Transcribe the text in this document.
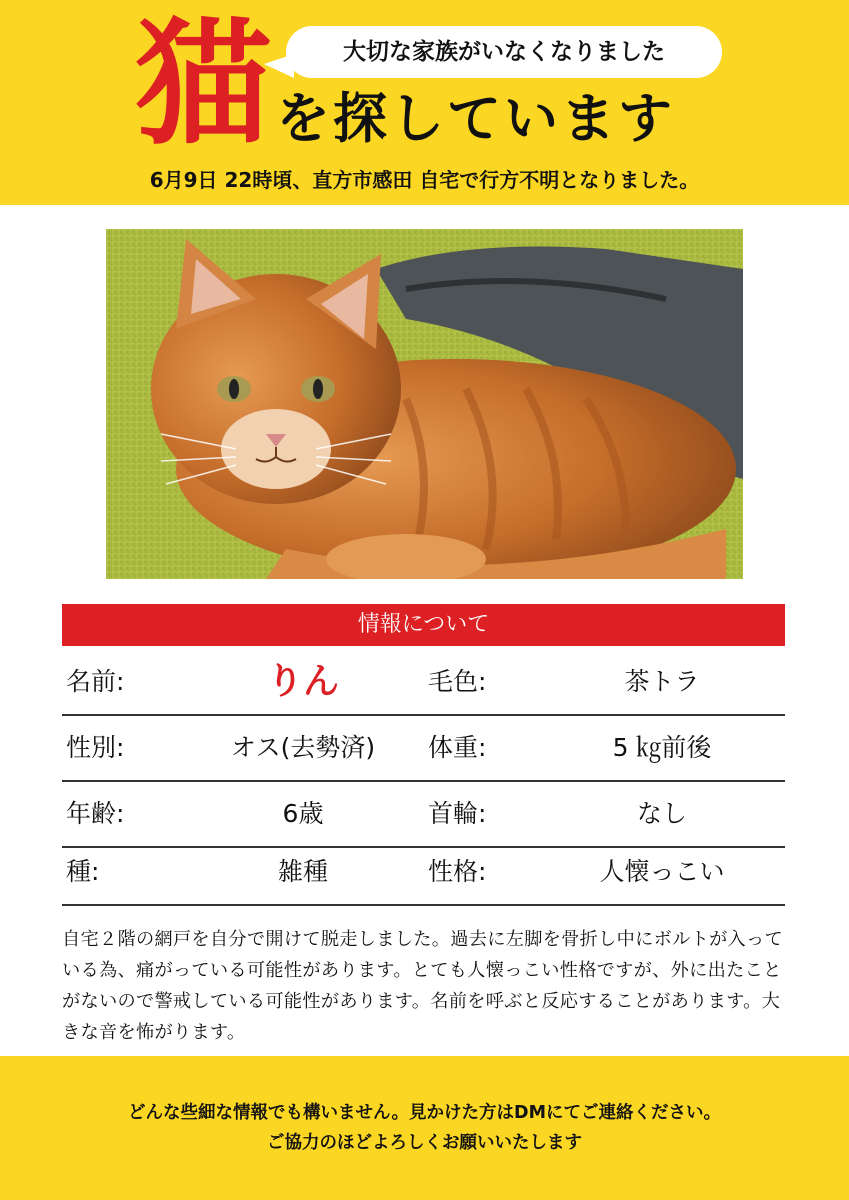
猫	大切な家族がいなくなりました
を探しています
6月9日 22時頃、直方市感田 自宅で行方不明となりました。
情報について
名前:	りん	毛色:	茶トラ
性別:	オス(去勢済)	体重:	5 ㎏前後
年齢:	6歳	首輪:	なし
種:	雑種	性格:	人懐っこい
自宅２階の網戸を自分で開けて脱走しました。過去に左脚を骨折し中にボルトが入っている為、痛がっている可能性があります。とても人懐っこい性格ですが、外に出たことがないので警戒している可能性があります。名前を呼ぶと反応することがあります。大きな音を怖がります。
どんな些細な情報でも構いません。見かけた方はDMにてご連絡ください。
ご協力のほどよろしくお願いいたします
